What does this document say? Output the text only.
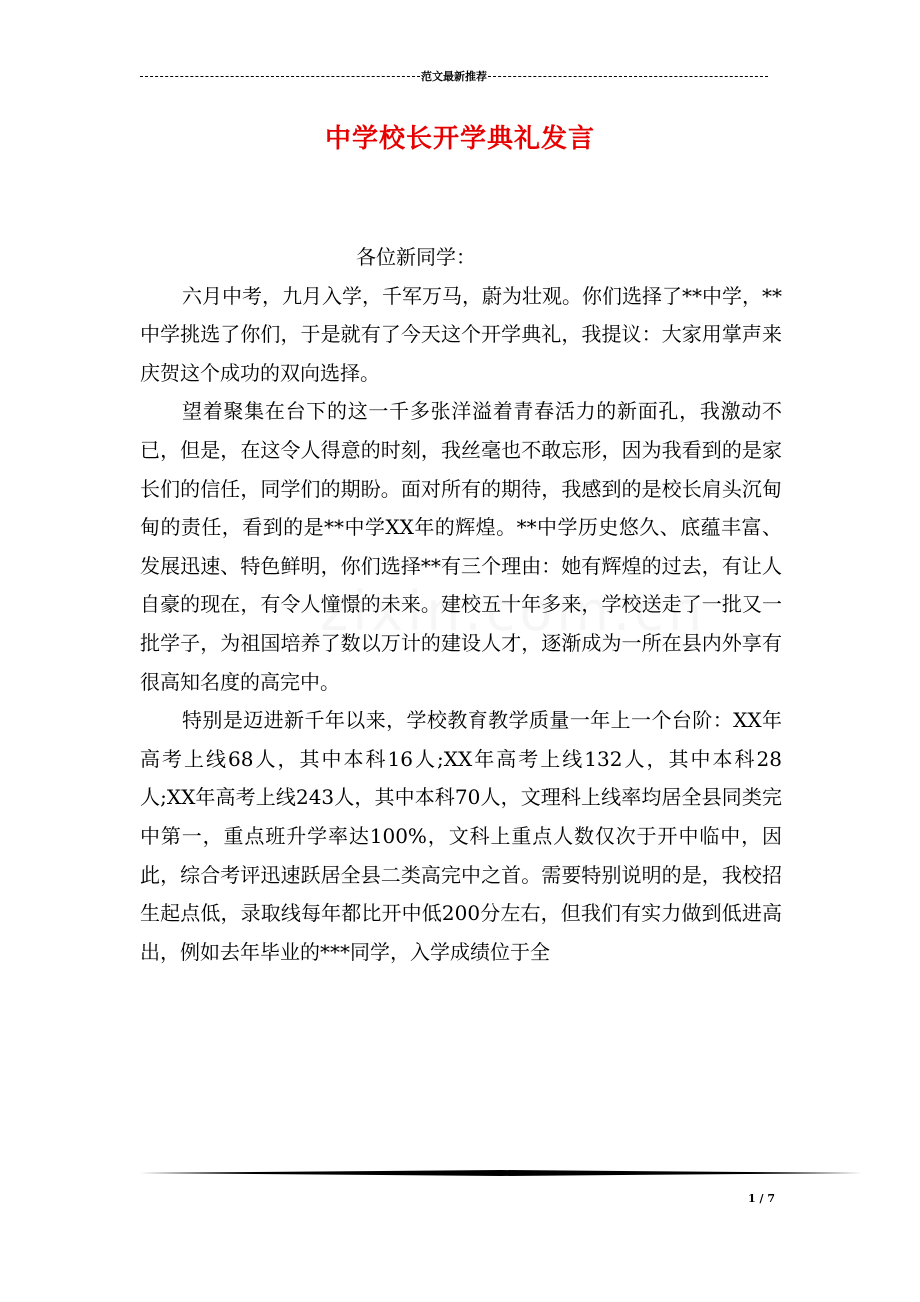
范文最新推荐
中学校长开学典礼发言

各位新同学：

六月中考，九月入学，千军万马，蔚为壮观。你们选择了**中学，**中学挑选了你们，于是就有了今天这个开学典礼，我提议：大家用掌声来庆贺这个成功的双向选择。

望着聚集在台下的这一千多张洋溢着青春活力的新面孔，我激动不已，但是，在这令人得意的时刻，我丝毫也不敢忘形，因为我看到的是家长们的信任，同学们的期盼。面对所有的期待，我感到的是校长肩头沉甸甸的责任，看到的是**中学XX年的辉煌。**中学历史悠久、底蕴丰富、发展迅速、特色鲜明，你们选择**有三个理由：她有辉煌的过去，有让人自豪的现在，有令人憧憬的未来。建校五十年多来，学校送走了一批又一批学子，为祖国培养了数以万计的建设人才，逐渐成为一所在县内外享有很高知名度的高完中。

特别是迈进新千年以来，学校教育教学质量一年上一个台阶：XX年高考上线68人，其中本科16人;XX年高考上线132人，其中本科28人;XX年高考上线243人，其中本科70人，文理科上线率均居全县同类完中第一，重点班升学率达100%，文科上重点人数仅次于开中临中，因此，综合考评迅速跃居全县二类高完中之首。需要特别说明的是，我校招生起点低，录取线每年都比开中低200分左右，但我们有实力做到低进高出，例如去年毕业的***同学，入学成绩位于全

1 / 7
